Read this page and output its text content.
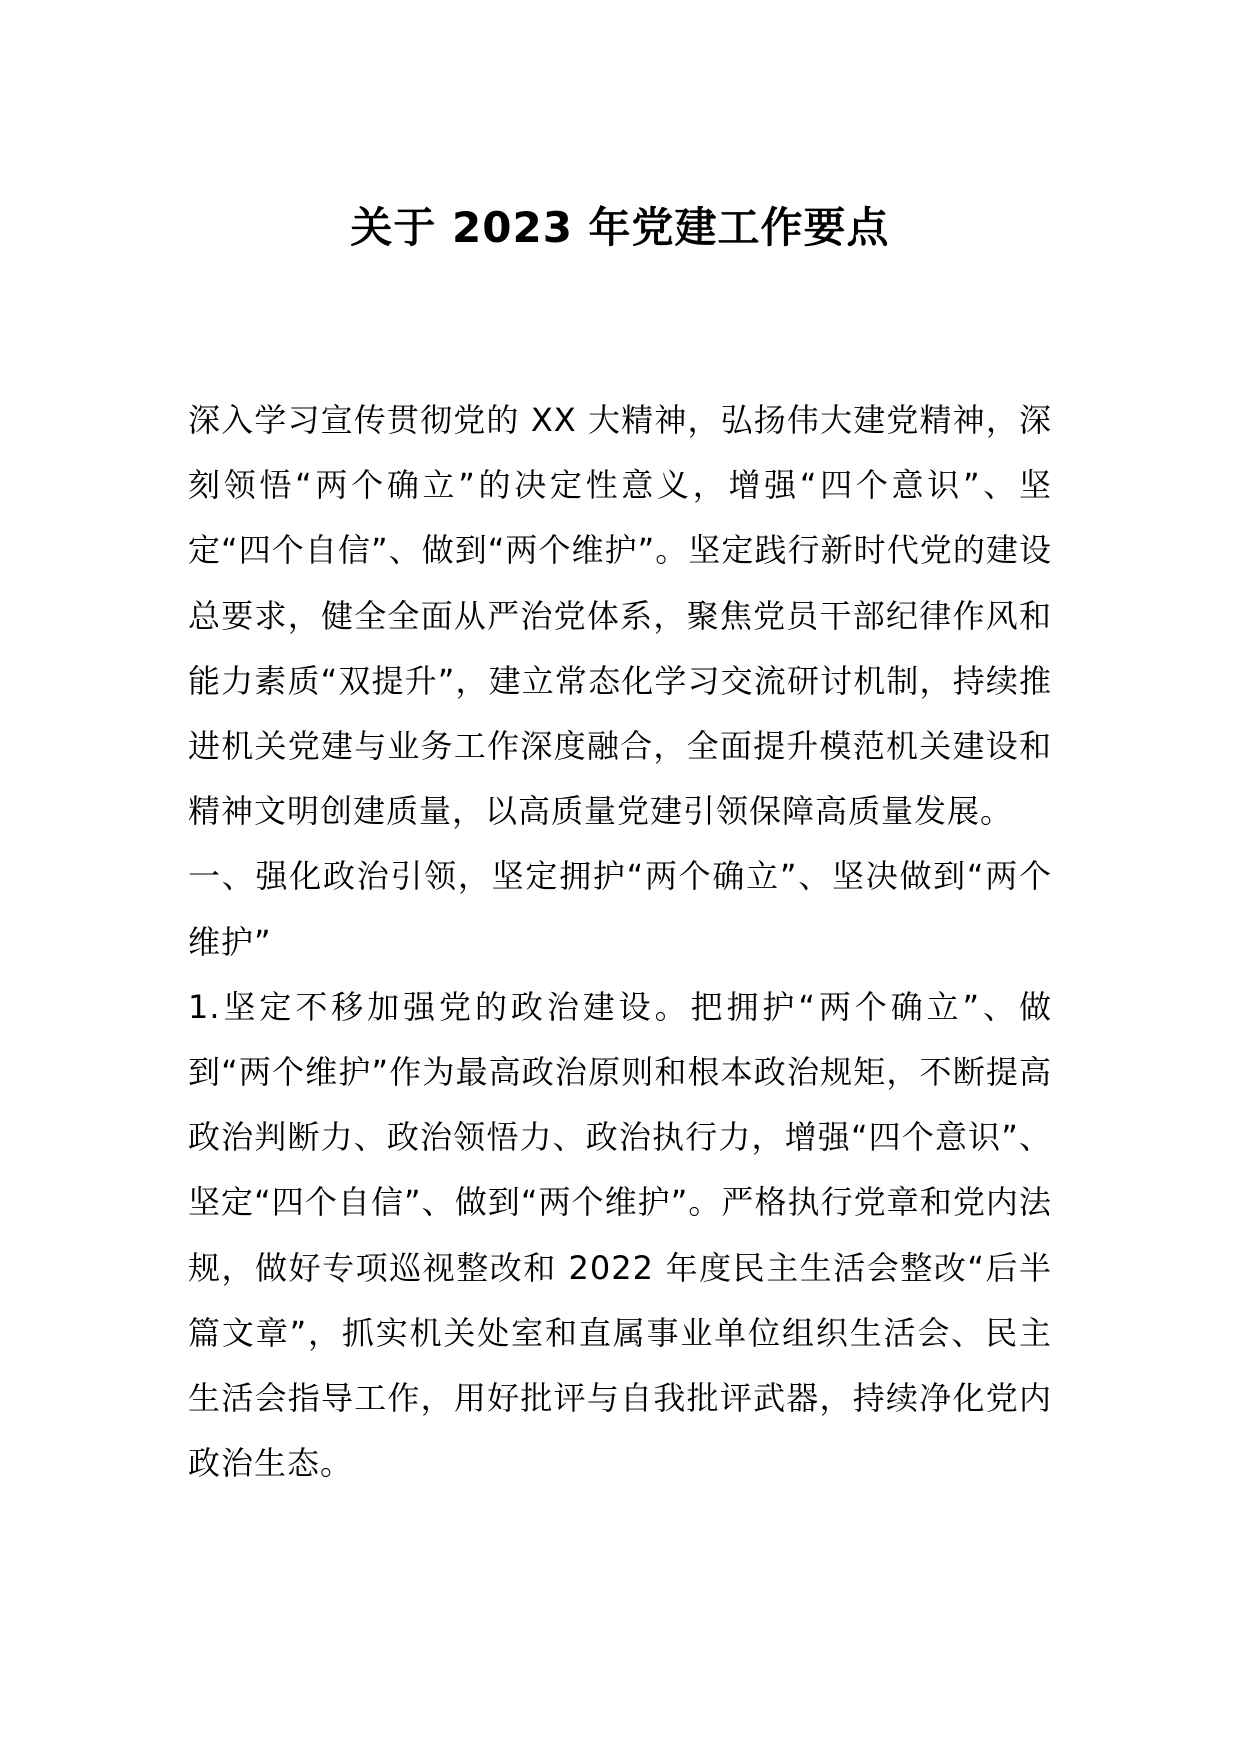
关于 2023 年党建工作要点

深入学习宣传贯彻党的 XX 大精神，弘扬伟大建党精神，深刻领悟“两个确立”的决定性意义，增强“四个意识”、坚定“四个自信”、做到“两个维护”。坚定践行新时代党的建设总要求，健全全面从严治党体系，聚焦党员干部纪律作风和能力素质“双提升”，建立常态化学习交流研讨机制，持续推进机关党建与业务工作深度融合，全面提升模范机关建设和精神文明创建质量，以高质量党建引领保障高质量发展。

一、强化政治引领，坚定拥护“两个确立”、坚决做到“两个维护”

1.坚定不移加强党的政治建设。把拥护“两个确立”、做到“两个维护”作为最高政治原则和根本政治规矩，不断提高政治判断力、政治领悟力、政治执行力，增强“四个意识”、坚定“四个自信”、做到“两个维护”。严格执行党章和党内法规，做好专项巡视整改和 2022 年度民主生活会整改“后半篇文章”，抓实机关处室和直属事业单位组织生活会、民主生活会指导工作，用好批评与自我批评武器，持续净化党内政治生态。
